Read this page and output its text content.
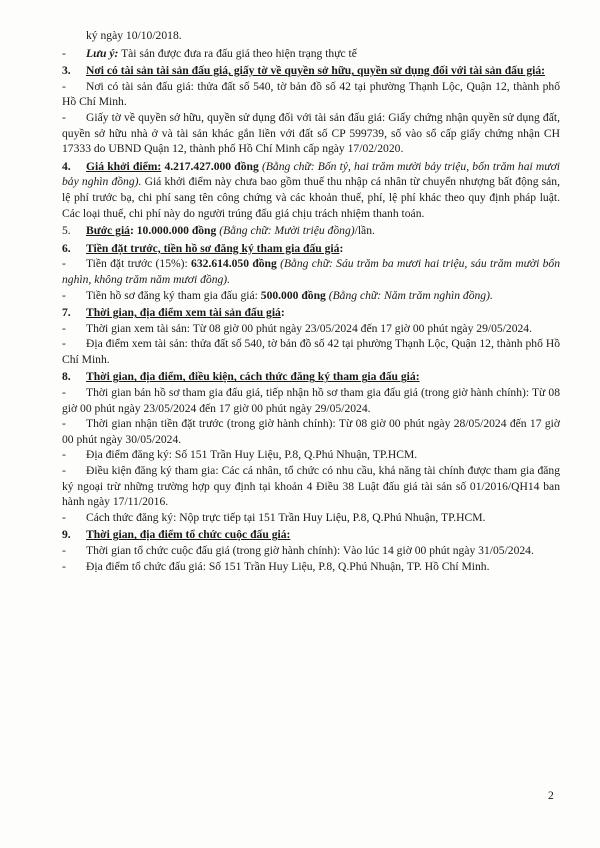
ký ngày 10/10/2018.

- Lưu ý: Tài sản được đưa ra đấu giá theo hiện trạng thực tế

3. Nơi có tài sản tài sản đấu giá, giấy tờ về quyền sở hữu, quyền sử dụng đối với tài sản đấu giá:

- Nơi có tài sản đấu giá: thửa đất số 540, tờ bản đồ số 42 tại phường Thạnh Lộc, Quận 12, thành phố Hồ Chí Minh.

- Giấy tờ về quyền sở hữu, quyền sử dụng đối với tài sản đấu giá: Giấy chứng nhận quyền sử dụng đất, quyền sở hữu nhà ở và tài sản khác gắn liền với đất số CP 599739, số vào sổ cấp giấy chứng nhận CH 17333 do UBND Quận 12, thành phố Hồ Chí Minh cấp ngày 17/02/2020.

4. Giá khởi điểm: 4.217.427.000 đồng (Bằng chữ: Bốn tỷ, hai trăm mười bảy triệu, bốn trăm hai mươi bảy nghìn đồng). Giá khởi điểm này chưa bao gồm thuế thu nhập cá nhân từ chuyển nhượng bất động sản, lệ phí trước bạ, chi phí sang tên công chứng và các khoản thuế, phí, lệ phí khác theo quy định pháp luật. Các loại thuế, chi phí này do người trúng đấu giá chịu trách nhiệm thanh toán.

5. Bước giá: 10.000.000 đồng (Bằng chữ: Mười triệu đồng)/lần.

6. Tiền đặt trước, tiền hồ sơ đăng ký tham gia đấu giá:

- Tiền đặt trước (15%): 632.614.050 đồng (Bằng chữ: Sáu trăm ba mươi hai triệu, sáu trăm mười bốn nghìn, không trăm năm mươi đồng).

- Tiền hồ sơ đăng ký tham gia đấu giá: 500.000 đồng (Bằng chữ: Năm trăm nghìn đồng).

7. Thời gian, địa điểm xem tài sản đấu giá:

- Thời gian xem tài sản: Từ 08 giờ 00 phút ngày 23/05/2024 đến 17 giờ 00 phút ngày 29/05/2024.

- Địa điểm xem tài sản: thửa đất số 540, tờ bản đồ số 42 tại phường Thạnh Lộc, Quận 12, thành phố Hồ Chí Minh.

8. Thời gian, địa điểm, điều kiện, cách thức đăng ký tham gia đấu giá:

- Thời gian bán hồ sơ tham gia đấu giá, tiếp nhận hồ sơ tham gia đấu giá (trong giờ hành chính): Từ 08 giờ 00 phút ngày 23/05/2024 đến 17 giờ 00 phút ngày 29/05/2024.

- Thời gian nhận tiền đặt trước (trong giờ hành chính): Từ 08 giờ 00 phút ngày 28/05/2024 đến 17 giờ 00 phút ngày 30/05/2024.

- Địa điểm đăng ký: Số 151 Trần Huy Liệu, P.8, Q.Phú Nhuận, TP.HCM.

- Điều kiện đăng ký tham gia: Các cá nhân, tổ chức có nhu cầu, khả năng tài chính được tham gia đăng ký ngoại trừ những trường hợp quy định tại khoản 4 Điều 38 Luật đấu giá tài sản số 01/2016/QH14 ban hành ngày 17/11/2016.

- Cách thức đăng ký: Nộp trực tiếp tại 151 Trần Huy Liệu, P.8, Q.Phú Nhuận, TP.HCM.

9. Thời gian, địa điểm tổ chức cuộc đấu giá:

- Thời gian tổ chức cuộc đấu giá (trong giờ hành chính): Vào lúc 14 giờ 00 phút ngày 31/05/2024.

- Địa điểm tổ chức đấu giá: Số 151 Trần Huy Liệu, P.8, Q.Phú Nhuận, TP. Hồ Chí Minh.

2
